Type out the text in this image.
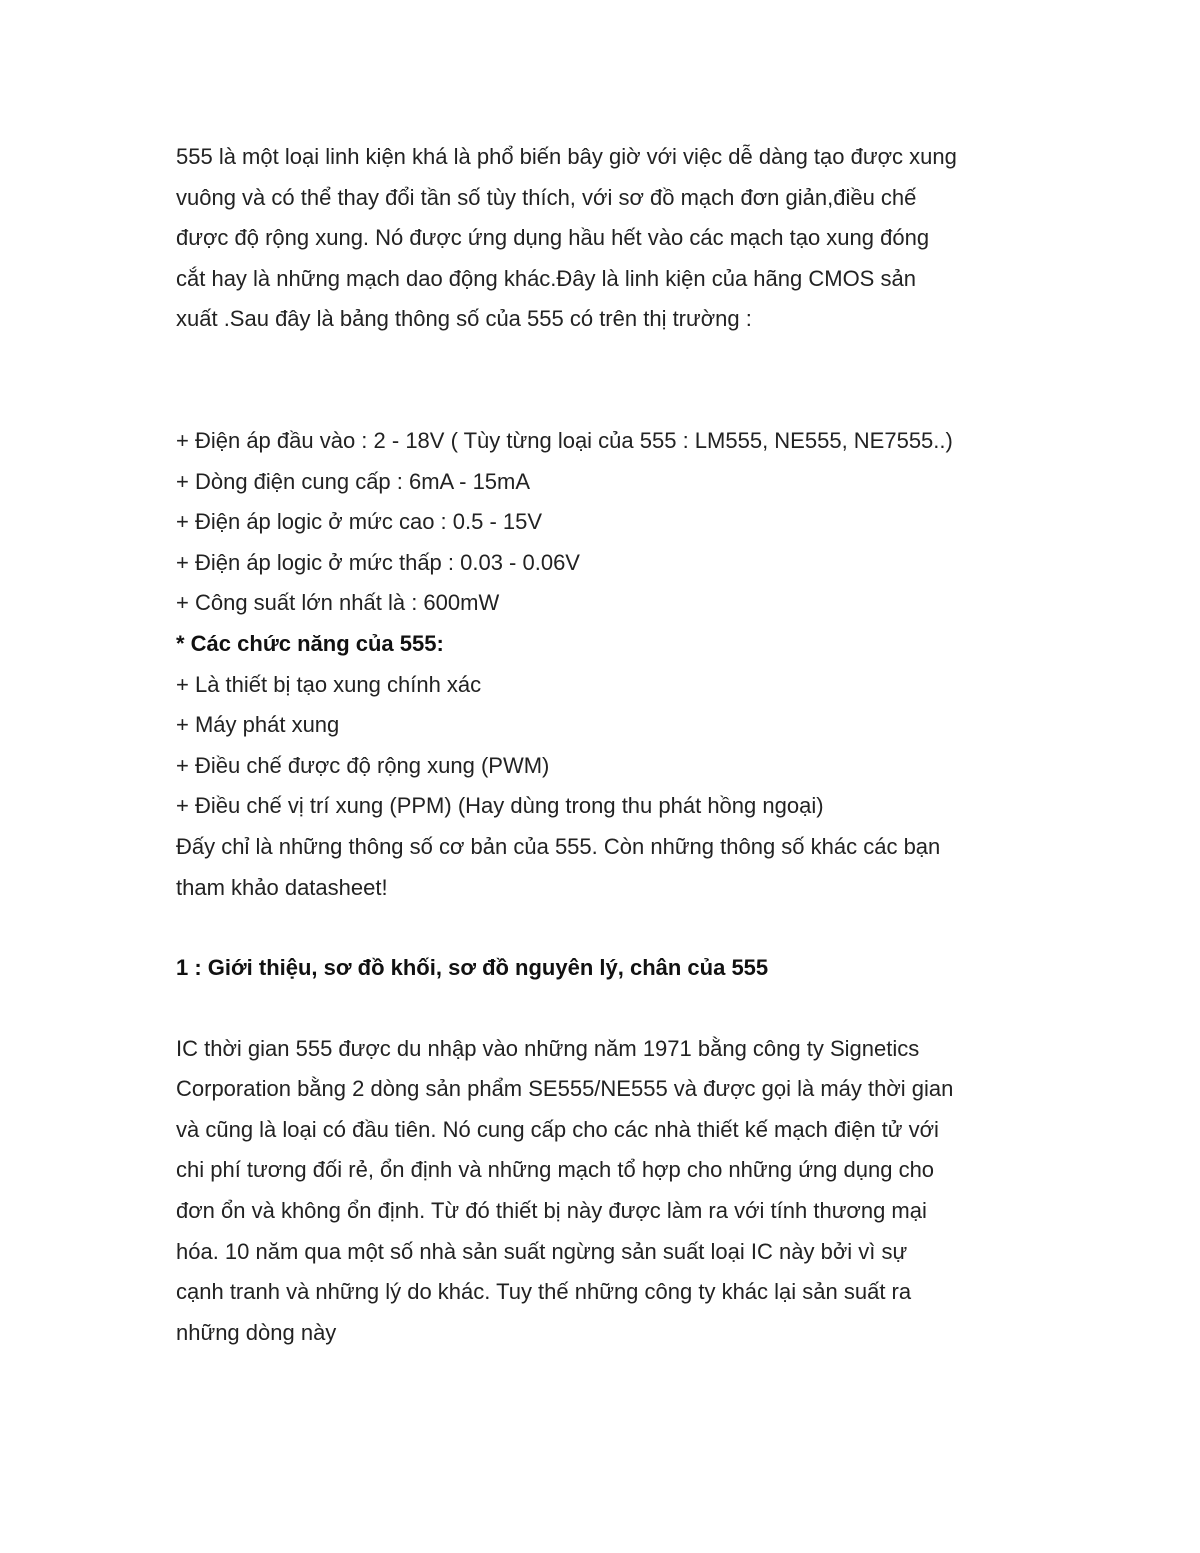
555 là một loại linh kiện khá là phổ biến bây giờ với việc dễ dàng tạo được xung
vuông và có thể thay đổi tần số tùy thích, với sơ đồ mạch đơn giản,điều chế
được độ rộng xung. Nó được ứng dụng hầu hết vào các mạch tạo xung đóng
cắt hay là những mạch dao động khác.Đây là linh kiện của hãng CMOS sản
xuất .Sau đây là bảng thông số của 555 có trên thị trường :

+ Điện áp đầu vào : 2 - 18V ( Tùy từng loại của 555 : LM555, NE555, NE7555..)

+ Dòng điện cung cấp : 6mA - 15mA

+ Điện áp logic ở mức cao : 0.5 - 15V

+ Điện áp logic ở mức thấp : 0.03 - 0.06V

+ Công suất lớn nhất là : 600mW

* Các chức năng của 555:

+ Là thiết bị tạo xung chính xác

+ Máy phát xung

+ Điều chế được độ rộng xung (PWM)

+ Điều chế vị trí xung (PPM) (Hay dùng trong thu phát hồng ngoại)

Đấy chỉ là những thông số cơ bản của 555. Còn những thông số khác các bạn
tham khảo datasheet!

1 : Giới thiệu, sơ đồ khối, sơ đồ nguyên lý, chân của 555

IC thời gian 555 được du nhập vào những năm 1971 bằng công ty Signetics
Corporation bằng 2 dòng sản phẩm SE555/NE555 và được gọi là máy thời gian
và cũng là loại có đầu tiên. Nó cung cấp cho các nhà thiết kế mạch điện tử với
chi phí tương đối rẻ, ổn định và những mạch tổ hợp cho những ứng dụng cho
đơn ổn và không ổn định. Từ đó thiết bị này được làm ra với tính thương mại
hóa. 10 năm qua một số nhà sản suất ngừng sản suất loại IC này bởi vì sự
cạnh tranh và những lý do khác. Tuy thế những công ty khác lại sản suất ra
những dòng này
